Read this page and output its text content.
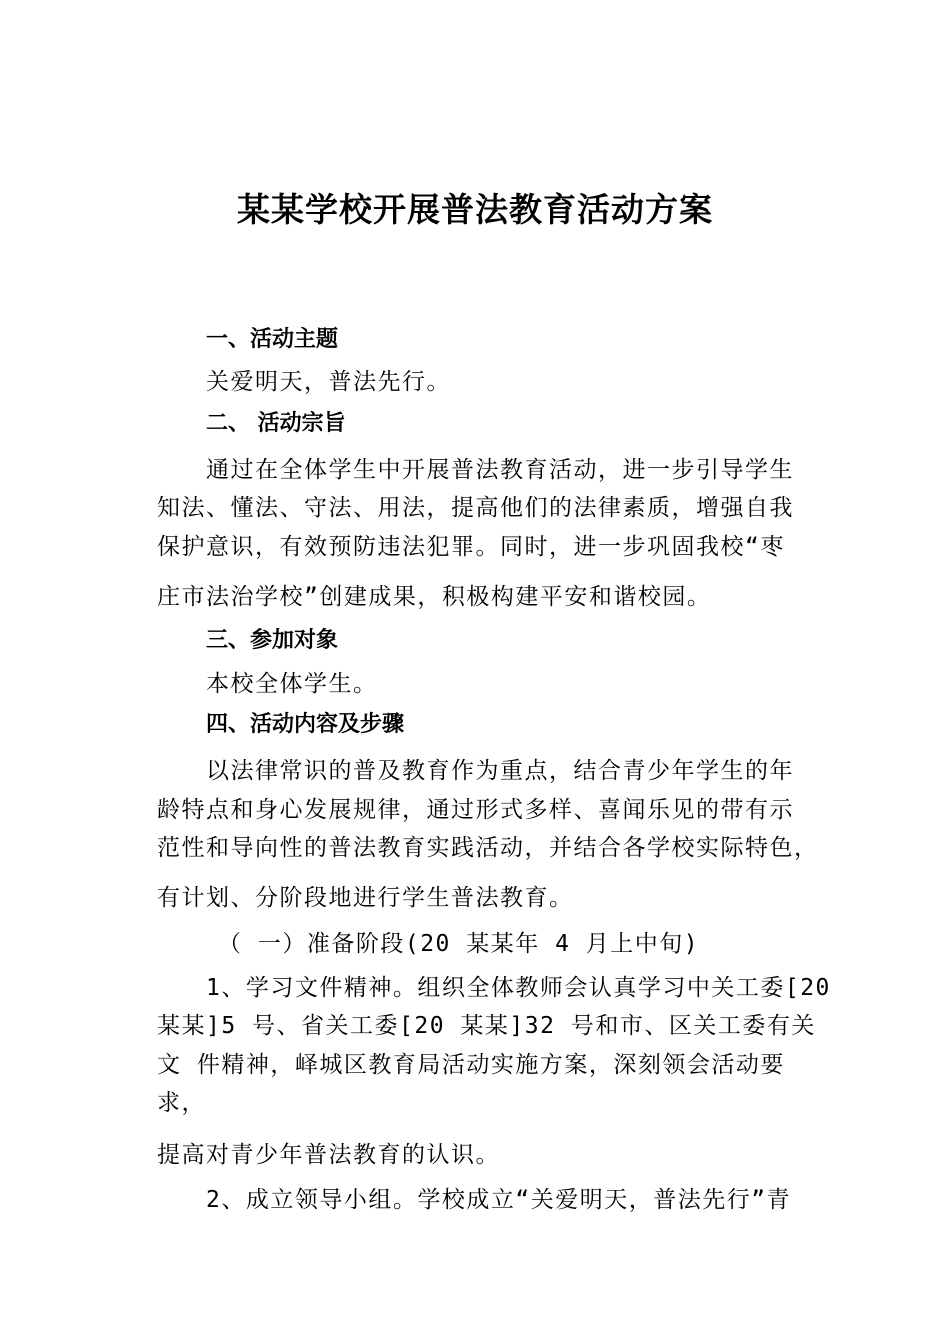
某某学校开展普法教育活动方案
一、活动主题
关爱明天，普法先行。
二、 活动宗旨
通过在全体学生中开展普法教育活动，进一步引导学生
知法、懂法、守法、用法，提高他们的法律素质，增强自我
保护意识，有效预防违法犯罪。同时，进一步巩固我校“枣
庄市法治学校”创建成果，积极构建平安和谐校园。
三、参加对象
本校全体学生。
四、活动内容及步骤
以法律常识的普及教育作为重点，结合青少年学生的年
龄特点和身心发展规律，通过形式多样、喜闻乐见的带有示
范性和导向性的普法教育实践活动，并结合各学校实际特色，
有计划、分阶段地进行学生普法教育。
（ 一）准备阶段(20 某某年 4 月上中旬)
1、学习文件精神。组织全体教师会认真学习中关工委[20
某某]5 号、省关工委[20 某某]32 号和市、区关工委有关
文 件精神，峄城区教育局活动实施方案，深刻领会活动要
求，
提高对青少年普法教育的认识。
2、成立领导小组。学校成立“关爱明天，普法先行”青
